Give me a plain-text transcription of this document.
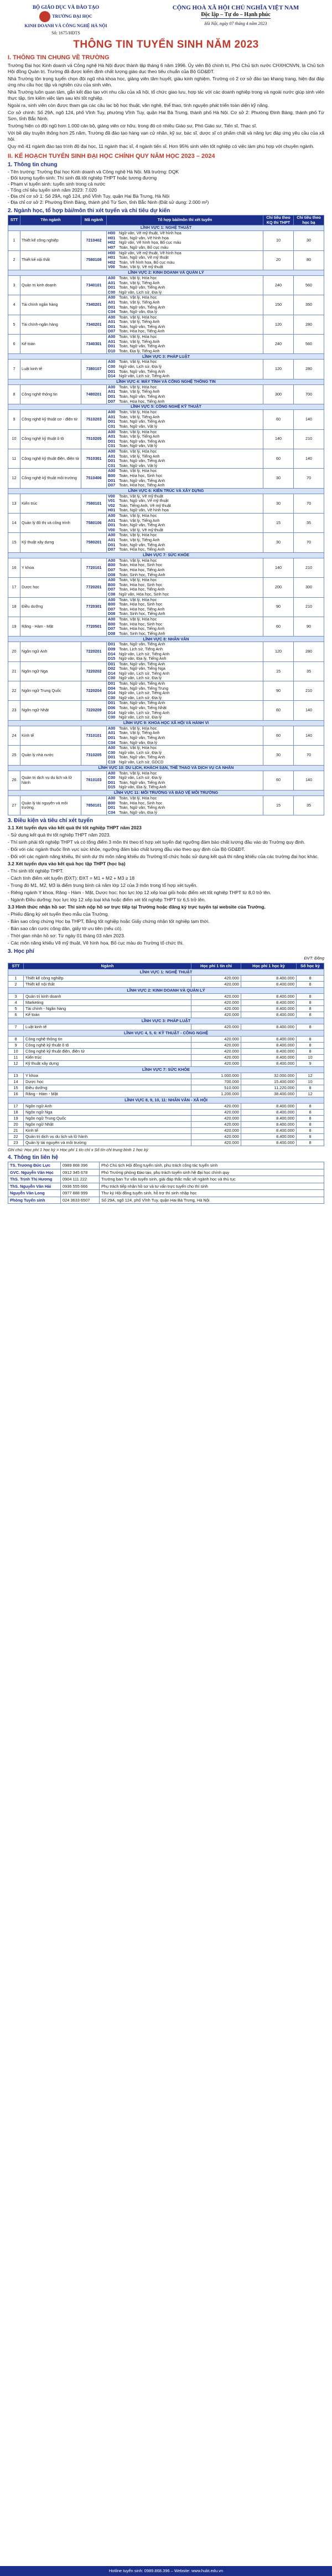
BỘ GIÁO DỤC VÀ ĐÀO TẠO
TRƯỜNG ĐẠI HỌC
KINH DOANH VÀ CÔNG NGHỆ HÀ NỘI
Số: 1675/HĐTS
CỘNG HOÀ XÃ HỘI CHỦ NGHĨA VIỆT NAM
Độc lập – Tự do – Hạnh phúc
Hà Nội, ngày 07 tháng 4 năm 2023
THÔNG TIN TUYỂN SINH NĂM 2023
I. THÔNG TIN CHUNG VỀ TRƯỜNG

Trường Đại học Kinh doanh và Công nghệ Hà Nội được thành lập tháng 6 năm 1996. Ủy viên Bộ chính trị, Phó Chủ tịch nước CHXHCNVN, là Chủ tịch Hội đồng Quản trị. Trường đã được kiểm định chất lượng giáo dục theo tiêu chuẩn của Bộ GD&ĐT.

Nhà Trường tôn trọng tuyển chọn đội ngũ nhà khoa học, giảng viên tâm huyết, giàu kinh nghiệm. Trường có 2 cơ sở đào tạo khang trang, hiện đại đáp ứng nhu cầu học tập và nghiên cứu của sinh viên.

Nhà Trường luôn quan tâm, gắn kết đào tạo với nhu cầu của xã hội, tổ chức giao lưu, hợp tác với các doanh nghiệp trong và ngoài nước giúp sinh viên thực tập, tìm kiếm việc làm sau khi tốt nghiệp.

Ngoài ra, sinh viên còn được tham gia các câu lạc bộ học thuật, văn nghệ, thể thao, tình nguyện phát triển toàn diện kỹ năng.

Cơ sở chính: Số 29A, ngõ 124, phố Vĩnh Tuy, phường Vĩnh Tuy, quận Hai Bà Trưng, thành phố Hà Nội. Cơ sở 2: Phường Đình Bảng, thành phố Từ Sơn, tỉnh Bắc Ninh.

Trường hiện có đội ngũ hơn 1.000 cán bộ, giảng viên cơ hữu, trong đó có nhiều Giáo sư, Phó Giáo sư, Tiến sĩ, Thạc sĩ.

Với bề dày truyền thống hơn 25 năm, Trường đã đào tạo hàng vạn cử nhân, kỹ sư, bác sĩ, dược sĩ có phẩm chất và năng lực đáp ứng yêu cầu của xã hội.

Quy mô 41 ngành đào tạo trình độ đại học, 11 ngành thạc sĩ, 4 ngành tiến sĩ. Hơn 95% sinh viên tốt nghiệp có việc làm phù hợp với chuyên ngành.

II. KẾ HOẠCH TUYỂN SINH ĐẠI HỌC CHÍNH QUY NĂM HỌC 2023 – 2024
1. Thông tin chung
- Tên trường: Trường Đại học Kinh doanh và Công nghệ Hà Nội. Mã trường: DQK
- Đối tượng tuyển sinh: Thí sinh đã tốt nghiệp THPT hoặc tương đương
- Phạm vi tuyển sinh: tuyển sinh trong cả nước
- Tổng chỉ tiêu tuyển sinh năm 2023: 7.020
- Địa chỉ cơ sở 1: Số 29A, ngõ 124, phố Vĩnh Tuy, quận Hai Bà Trưng, Hà Nội
- Địa chỉ cơ sở 2: Phường Đình Bảng, thành phố Từ Sơn, tỉnh Bắc Ninh (Đất sử dụng: 2.000 m²)
2. Ngành học, tổ hợp bài/môn thi xét tuyển và chỉ tiêu dự kiến
STT	Tên ngành	Mã ngành	Tổ hợp bài/môn thi xét tuyển	Chỉ tiêu theo KQ thi THPT	Chỉ tiêu theo học bạ
LĨNH VỰC 1: NGHỆ THUẬT					
1	Thiết kế công nghiệp	7210402	H00 Ngữ văn, Vẽ mỹ thuật, Vẽ hình họa
H01 Toán, Ngữ văn, Vẽ hình họa
H02 Ngữ văn, Vẽ hình họa, Bố cục màu
H07 Toán, Ngữ văn, Bố cục màu	10	30
2	Thiết kế nội thất	7580108	H00 Ngữ văn, Vẽ mỹ thuật, Vẽ hình họa
H01 Toán, Ngữ văn, Vẽ mỹ thuật
H02 Toán, Vẽ hình họa, Bố cục màu
V00 Toán, Vật lý, Vẽ mỹ thuật	20	80
LĨNH VỰC 2: KINH DOANH VÀ QUẢN LÝ					
3	Quản trị kinh doanh	7340101	A00 Toán, Vật lý, Hóa học
A01 Toán, Vật lý, Tiếng Anh
D01 Toán, Ngữ văn, Tiếng Anh
C00 Ngữ văn, Lịch sử, Địa lý	240	560
4	Tài chính ngân hàng	7340201	A00 Toán, Vật lý, Hóa học
A01 Toán, Vật lý, Tiếng Anh
D01 Toán, Ngữ văn, Tiếng Anh
C04 Toán, Ngữ văn, Địa lý	150	350
5	Tài chính-ngân hàng	7340201	A00 Toán, Vật lý, Hóa học
A01 Toán, Vật lý, Tiếng Anh
D01 Toán, Ngữ văn, Tiếng Anh
D07 Toán, Hóa học, Tiếng Anh	120	280
6	Kế toán	7340301	A00 Toán, Vật lý, Hóa học
A01 Toán, Vật lý, Tiếng Anh
D01 Toán, Ngữ văn, Tiếng Anh
D10 Toán, Địa lý, Tiếng Anh	240	560
LĨNH VỰC 3: PHÁP LUẬT					
7	Luật kinh tế	7380107	A00 Toán, Vật lý, Hóa học
C00 Ngữ văn, Lịch sử, Địa lý
D01 Toán, Ngữ văn, Tiếng Anh
D14 Ngữ văn, Lịch sử, Tiếng Anh	120	280
LĨNH VỰC 4: MÁY TÍNH VÀ CÔNG NGHỆ THÔNG TIN					
8	Công nghệ thông tin	7480201	A00 Toán, Vật lý, Hóa học
A01 Toán, Vật lý, Tiếng Anh
D01 Toán, Ngữ văn, Tiếng Anh
D07 Toán, Hóa học, Tiếng Anh	300	700
LĨNH VỰC 5: CÔNG NGHỆ KỸ THUẬT					
9	Công nghệ kỹ thuật cơ - điện tử	7510203	A00 Toán, Vật lý, Hóa học
A01 Toán, Vật lý, Tiếng Anh
D01 Toán, Ngữ văn, Tiếng Anh
C01 Toán, Ngữ văn, Vật lý	60	140
10	Công nghệ kỹ thuật ô tô	7510205	A00 Toán, Vật lý, Hóa học
A01 Toán, Vật lý, Tiếng Anh
D01 Toán, Ngữ văn, Tiếng Anh
C01 Toán, Ngữ văn, Vật lý	140	210
11	Công nghệ kỹ thuật điện, điện tử	7510301	A00 Toán, Vật lý, Hóa học
A01 Toán, Vật lý, Tiếng Anh
D01 Toán, Ngữ văn, Tiếng Anh
C01 Toán, Ngữ văn, Vật lý	60	140
12	Công nghệ kỹ thuật môi trường	7510406	A00 Toán, Vật lý, Hóa học
B00 Toán, Hóa học, Sinh học
D01 Toán, Ngữ văn, Tiếng Anh
D07 Toán, Hóa học, Tiếng Anh	30	70
LĨNH VỰC 6: KIẾN TRÚC VÀ XÂY DỰNG					
13	Kiến trúc	7580101	V00 Toán, Vật lý, Vẽ mỹ thuật
V01 Toán, Ngữ văn, Vẽ mỹ thuật
V02 Toán, Tiếng Anh, Vẽ mỹ thuật
H01 Toán, Ngữ văn, Vẽ hình họa	30	70
14	Quản lý đô thị và công trình	7580106	A00 Toán, Vật lý, Hóa học
A01 Toán, Vật lý, Tiếng Anh
D01 Toán, Ngữ văn, Tiếng Anh
V00 Toán, Vật lý, Vẽ mỹ thuật	15	35
15	Kỹ thuật xây dựng	7580201	A00 Toán, Vật lý, Hóa học
A01 Toán, Vật lý, Tiếng Anh
D01 Toán, Ngữ văn, Tiếng Anh
D07 Toán, Hóa học, Tiếng Anh	30	70
LĨNH VỰC 7: SỨC KHỎE					
16	Y khoa	7720101	A00 Toán, Vật lý, Hóa học
B00 Toán, Hóa học, Sinh học
D07 Toán, Hóa học, Tiếng Anh
D08 Toán, Sinh học, Tiếng Anh	140	210
17	Dược học	7720201	A00 Toán, Vật lý, Hóa học
B00 Toán, Hóa học, Sinh học
D07 Toán, Hóa học, Tiếng Anh
C08 Ngữ văn, Hóa học, Sinh học	200	300
18	Điều dưỡng	7720301	A00 Toán, Vật lý, Hóa học
B00 Toán, Hóa học, Sinh học
D07 Toán, Hóa học, Tiếng Anh
D08 Toán, Sinh học, Tiếng Anh	90	210
19	Răng - Hàm - Mặt	7720501	A00 Toán, Vật lý, Hóa học
B00 Toán, Hóa học, Sinh học
D07 Toán, Hóa học, Tiếng Anh
D08 Toán, Sinh học, Tiếng Anh	60	90
LĨNH VỰC 8: NHÂN VĂN					
20	Ngôn ngữ Anh	7220201	D01 Toán, Ngữ văn, Tiếng Anh
D09 Toán, Lịch sử, Tiếng Anh
D14 Ngữ văn, Lịch sử, Tiếng Anh
D15 Ngữ văn, Địa lý, Tiếng Anh	120	280
21	Ngôn ngữ Nga	7220202	D01 Toán, Ngữ văn, Tiếng Anh
D02 Toán, Ngữ văn, Tiếng Nga
D14 Ngữ văn, Lịch sử, Tiếng Anh
C00 Ngữ văn, Lịch sử, Địa lý	15	35
22	Ngôn ngữ Trung Quốc	7220204	D01 Toán, Ngữ văn, Tiếng Anh
D04 Toán, Ngữ văn, Tiếng Trung
D14 Ngữ văn, Lịch sử, Tiếng Anh
C00 Ngữ văn, Lịch sử, Địa lý	90	210
23	Ngôn ngữ Nhật	7220209	D01 Toán, Ngữ văn, Tiếng Anh
D06 Toán, Ngữ văn, Tiếng Nhật
D14 Ngữ văn, Lịch sử, Tiếng Anh
C00 Ngữ văn, Lịch sử, Địa lý	60	140
LĨNH VỰC 9: KHOA HỌC XÃ HỘI VÀ HÀNH VI					
24	Kinh tế	7310101	A00 Toán, Vật lý, Hóa học
A01 Toán, Vật lý, Tiếng Anh
D01 Toán, Ngữ văn, Tiếng Anh
C04 Toán, Ngữ văn, Địa lý	60	140
25	Quản lý nhà nước	7310205	A00 Toán, Vật lý, Hóa học
C00 Ngữ văn, Lịch sử, Địa lý
D01 Toán, Ngữ văn, Tiếng Anh
C19 Ngữ văn, Lịch sử, GDCD	30	70
LĨNH VỰC 10: DU LỊCH, KHÁCH SẠN, THỂ THAO VÀ DỊCH VỤ CÁ NHÂN					
26	Quản trị dịch vụ du lịch và lữ hành	7810103	A00 Toán, Vật lý, Hóa học
C00 Ngữ văn, Lịch sử, Địa lý
D01 Toán, Ngữ văn, Tiếng Anh
D15 Ngữ văn, Địa lý, Tiếng Anh	60	140
LĨNH VỰC 11: MÔI TRƯỜNG VÀ BẢO VỆ MÔI TRƯỜNG					
27	Quản lý tài nguyên và môi trường	7850101	A00 Toán, Vật lý, Hóa học
B00 Toán, Hóa học, Sinh học
D01 Toán, Ngữ văn, Tiếng Anh
C04 Toán, Ngữ văn, Địa lý	15	35
3. Điều kiện và tiêu chí xét tuyển

3.1 Xét tuyển dựa vào kết quả thi tốt nghiệp THPT năm 2023

- Sử dụng kết quả thi tốt nghiệp THPT năm 2023.

- Thí sinh phải tốt nghiệp THPT và có tổng điểm 3 môn thi theo tổ hợp xét tuyển đạt ngưỡng đảm bảo chất lượng đầu vào do Trường quy định.

- Đối với các ngành thuộc lĩnh vực sức khỏe, ngưỡng đảm bảo chất lượng đầu vào theo quy định của Bộ GD&ĐT.

- Đối với các ngành năng khiếu, thí sinh dự thi môn năng khiếu do Trường tổ chức hoặc sử dụng kết quả thi năng khiếu của các trường đại học khác.

3.2 Xét tuyển dựa vào kết quả học tập THPT (học bạ)

- Thí sinh tốt nghiệp THPT.

- Cách tính điểm xét tuyển (ĐXT): ĐXT = M1 + M2 + M3 ≥ 18

- Trong đó M1, M2, M3 là điểm trung bình cả năm lớp 12 của 3 môn trong tổ hợp xét tuyển.

- Riêng ngành Y khoa, Răng - Hàm - Mặt, Dược học: học lực lớp 12 xếp loại giỏi hoặc điểm xét tốt nghiệp THPT từ 8,0 trở lên.

- Ngành Điều dưỡng: học lực lớp 12 xếp loại khá hoặc điểm xét tốt nghiệp THPT từ 6,5 trở lên.

3.3 Hình thức nhận hồ sơ: Thí sinh nộp hồ sơ trực tiếp tại Trường hoặc đăng ký trực tuyến tại website của Trường.

- Phiếu đăng ký xét tuyển theo mẫu của Trường.

- Bản sao công chứng Học bạ THPT, Bằng tốt nghiệp hoặc Giấy chứng nhận tốt nghiệp tạm thời.

- Bản sao căn cước công dân, giấy tờ ưu tiên (nếu có).

- Thời gian nhận hồ sơ: Từ ngày 01 tháng 03 năm 2023.

- Các môn năng khiếu Vẽ mỹ thuật, Vẽ hình họa, Bố cục màu do Trường tổ chức thi.

3. Học phí
ĐVT: Đồng
STT	Ngành	Học phí 1 tín chỉ	Học phí 1 học kỳ	Số học kỳ
LĨNH VỰC 1: NGHỆ THUẬT				
1	Thiết kế công nghiệp	420.000	8.400.000	8
2	Thiết kế nội thất	420.000	8.400.000	8
LĨNH VỰC 2: KINH DOANH VÀ QUẢN LÝ				
3	Quản trị kinh doanh	420.000	8.400.000	8
4	Marketing	420.000	8.400.000	8
5	Tài chính - Ngân hàng	420.000	8.400.000	8
6	Kế toán	420.000	8.400.000	8
LĨNH VỰC 3: PHÁP LUẬT				
7	Luật kinh tế	420.000	8.400.000	8
LĨNH VỰC 4, 5, 6: KỸ THUẬT - CÔNG NGHỆ				
8	Công nghệ thông tin	420.000	8.400.000	8
9	Công nghệ kỹ thuật ô tô	420.000	8.400.000	8
10	Công nghệ kỹ thuật điện, điện tử	420.000	8.400.000	8
11	Kiến trúc	420.000	8.400.000	10
12	Kỹ thuật xây dựng	420.000	8.400.000	9
LĨNH VỰC 7: SỨC KHỎE				
13	Y khoa	1.000.000	32.000.000	12
14	Dược học	700.000	15.400.000	10
15	Điều dưỡng	510.000	11.220.000	8
16	Răng - Hàm - Mặt	1.200.000	38.400.000	12
LĨNH VỰC 8, 9, 10, 11: NHÂN VĂN - XÃ HỘI				
17	Ngôn ngữ Anh	420.000	8.400.000	8
18	Ngôn ngữ Nga	420.000	8.400.000	8
19	Ngôn ngữ Trung Quốc	420.000	8.400.000	8
20	Ngôn ngữ Nhật	420.000	8.400.000	8
21	Kinh tế	420.000	8.400.000	8
22	Quản trị dịch vụ du lịch và lữ hành	420.000	8.400.000	8
23	Quản lý tài nguyên và môi trường	420.000	8.400.000	8
Ghi chú: Học phí 1 học kỳ = Học phí 1 tín chỉ x Số tín chỉ trung bình 1 học kỳ
4. Thông tin liên hệ
TS. Trương Đức Lực	0989 868 396	Phó Chủ tịch Hội đồng tuyển sinh, phụ trách công tác tuyển sinh
GVC. Nguyễn Văn Học	0912 345 678	Phó Trưởng phòng Đào tạo, phụ trách tuyển sinh hệ đại học chính quy
ThS. Trịnh Thị Hương	0904 111 222	Trưởng ban Tư vấn tuyển sinh, giải đáp thắc mắc về ngành học và thủ tục
ThS. Nguyễn Văn Hải	0936 555 666	Phụ trách tiếp nhận hồ sơ và tư vấn trực tuyến cho thí sinh
Nguyễn Văn Long	0977 888 999	Thư ký Hội đồng tuyển sinh, hỗ trợ thí sinh nhập học
Phòng Tuyển sinh	024 3633 6507	Số 29A, ngõ 124, phố Vĩnh Tuy, quận Hai Bà Trưng, Hà Nội
Hotline tuyển sinh: 0989.868.396 – Website: www.hubt.edu.vn
